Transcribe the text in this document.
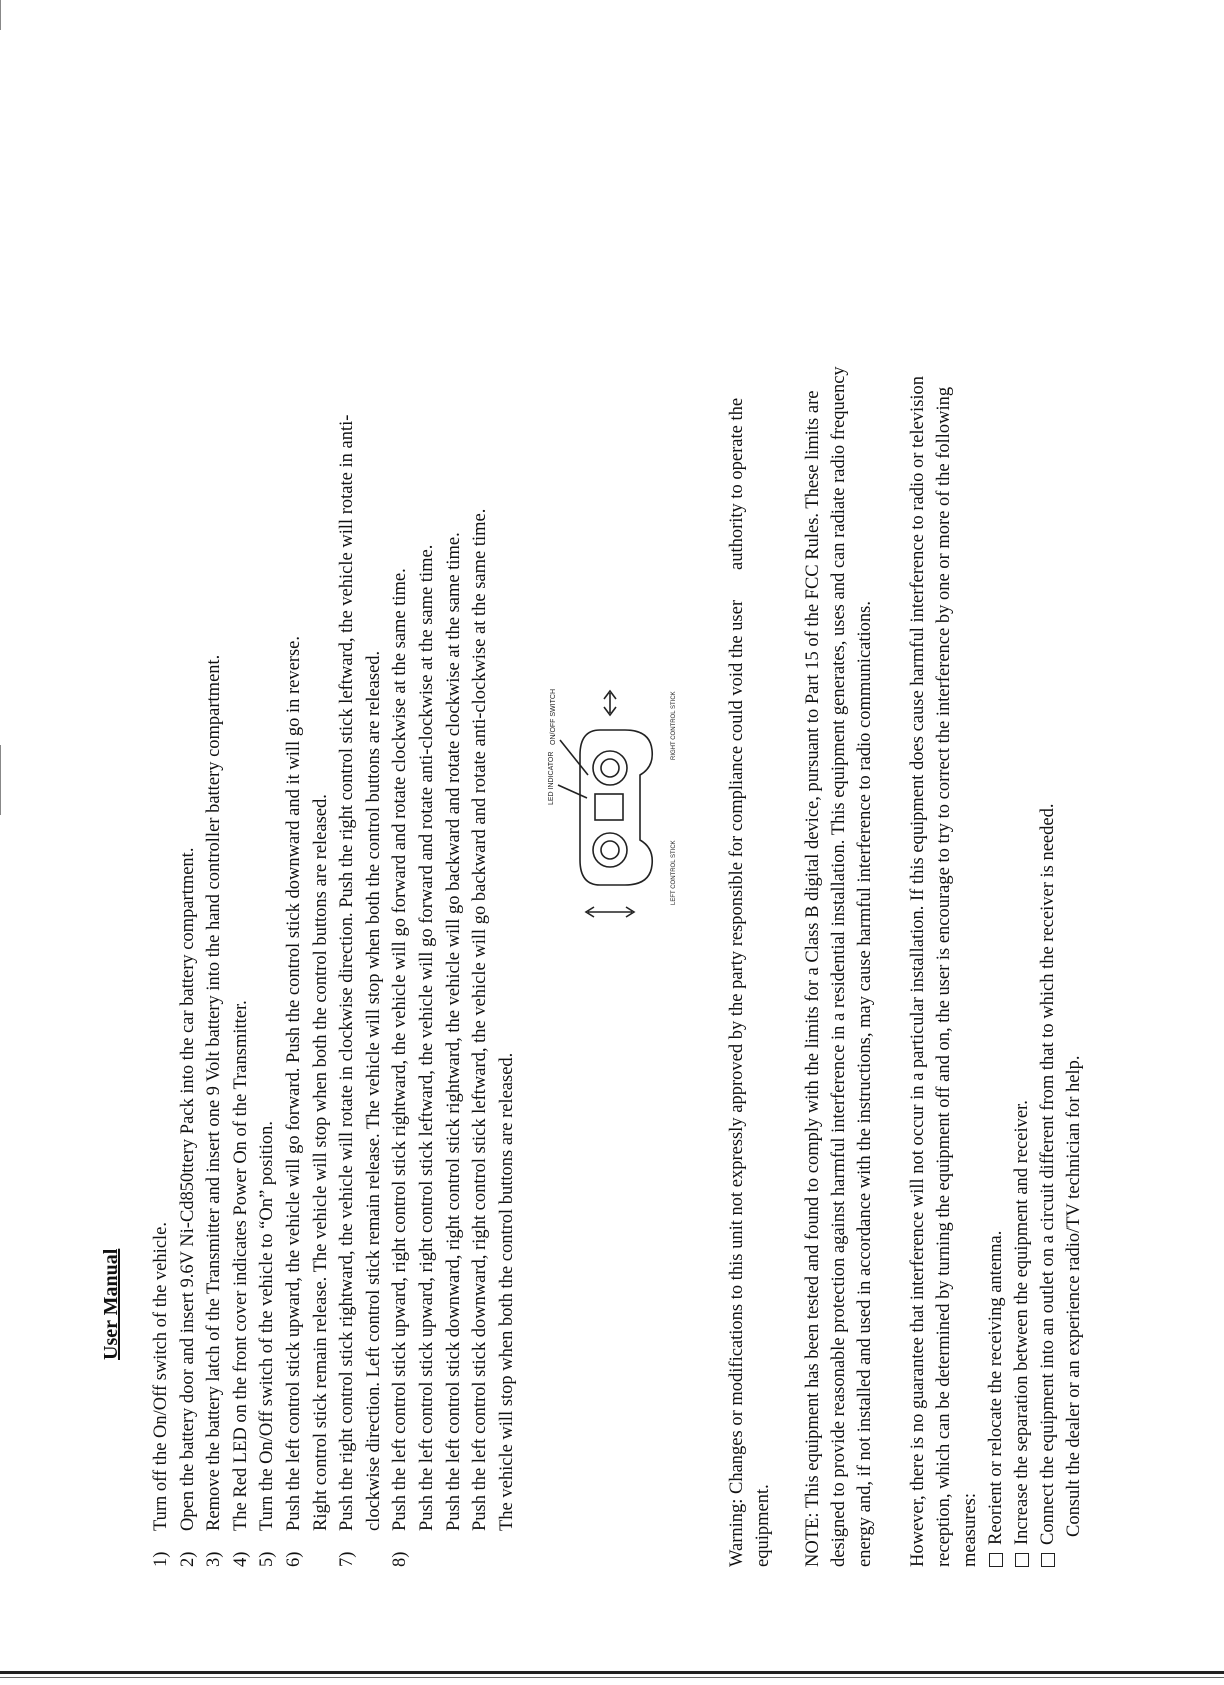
User Manual
1)
Turn off the On/Off switch of the vehicle.
2)
Open the battery door and insert 9.6V Ni-Cd850ttery Pack into the car battery compartment.
3)
Remove the battery latch of the Transmitter and insert one 9 Volt battery into the hand controller battery compartment.
4)
The Red LED on the front cover indicates Power On of the Transmitter.
5)
Turn the On/Off switch of the vehicle to “On” position.
6)
Push the left control stick upward, the vehicle will go forward. Push the control stick downward and it will go in reverse. Right control stick remain release. The vehicle will stop when both the control buttons are released.
7)
Push the right control stick rightward, the vehicle will rotate in clockwise direction. Push the right control stick leftward, the vehicle will rotate in anti- clockwise direction. Left control stick remain release. The vehicle will stop when both the control buttons are released.
8)
Push the left control stick upward, right control stick rightward, the vehicle will go forward and rotate clockwise at the same time. Push the left control stick upward, right control stick leftward, the vehicle will go forward and rotate anti-clockwise at the same time. Push the left control stick downward, right control stick rightward, the vehicle will go backward and rotate clockwise at the same time. Push the left control stick downward, right control stick leftward, the vehicle will go backward and rotate anti-clockwise at the same time. The vehicle will stop when both the control buttons are released.
LED INDICATOR
ON/OFF SWITCH
LEFT CONTROL STICK
RIGHT CONTROL STICK	Warning: Changes or modifications to this unit not expressly approved by the party responsible for compliance could void the userauthority to operate the
equipment. NOTE: This equipment has been tested and found to comply with the limits for a Class B digital device, pursuant to Part 15 of the FCC Rules. These limits are designed to provide reasonable protection against harmful interference in a residential installation. This equipment generates, uses and can radiate radio frequency energy and, if not installed and used in accordance with the instructions, may cause harmful interference to radio communications. However, there is no guarantee that interference will not occur in a particular installation. If this equipment does cause harmful interference to radio or television reception, which can be determined by turning the equipment off and on, the user is encourage to try to correct the interference by one or more of the following measures: Reorient or relocate the receiving antenna. Increase the separation between the equipment and receiver. Connect the equipment into an outlet on a circuit different from that to which the receiver is needed. Consult the dealer or an experience radio/TV technician for help.
